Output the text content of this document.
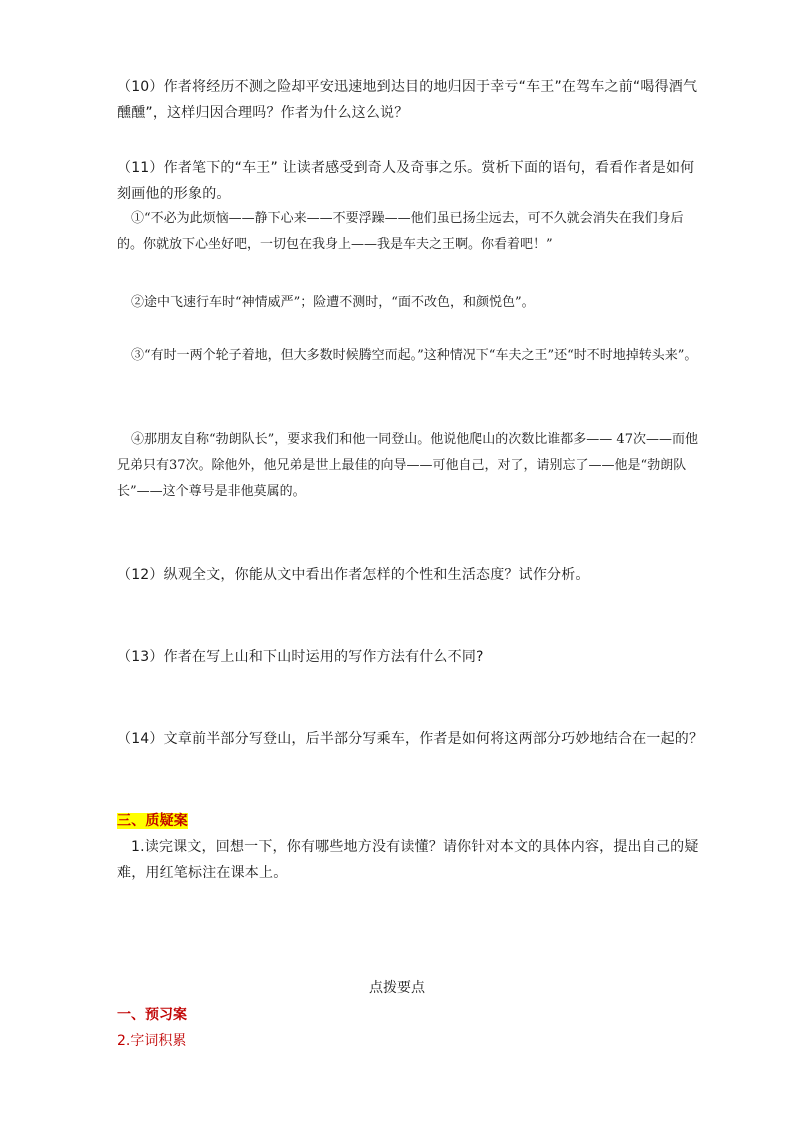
（10）作者将经历不测之险却平安迅速地到达目的地归因于幸亏“车王”在驾车之前“喝得酒气醺醺”，这样归因合理吗？作者为什么这么说？
（11）作者笔下的“车王” 让读者感受到奇人及奇事之乐。赏析下面的语句，看看作者是如何刻画他的形象的。
①“不必为此烦恼——静下心来——不要浮躁——他们虽已扬尘远去，可不久就会消失在我们身后的。你就放下心坐好吧，一切包在我身上——我是车夫之王啊。你看着吧！”
②途中飞速行车时“神情威严”；险遭不测时，“面不改色，和颜悦色”。
③“有时一两个轮子着地，但大多数时候腾空而起。”这种情况下“车夫之王”还“时不时地掉转头来”。
④那朋友自称“勃朗队长”，要求我们和他一同登山。他说他爬山的次数比谁都多—— 47次——而他兄弟只有37次。除他外，他兄弟是世上最佳的向导——可他自己，对了，请别忘了——他是“勃朗队长”——这个尊号是非他莫属的。
（12）纵观全文，你能从文中看出作者怎样的个性和生活态度？试作分析。
（13）作者在写上山和下山时运用的写作方法有什么不同?
（14）文章前半部分写登山，后半部分写乘车，作者是如何将这两部分巧妙地结合在一起的？
三、质疑案
1.读完课文，回想一下，你有哪些地方没有读懂？请你针对本文的具体内容，提出自己的疑难，用红笔标注在课本上。
点拨要点
一、预习案
2.字词积累
